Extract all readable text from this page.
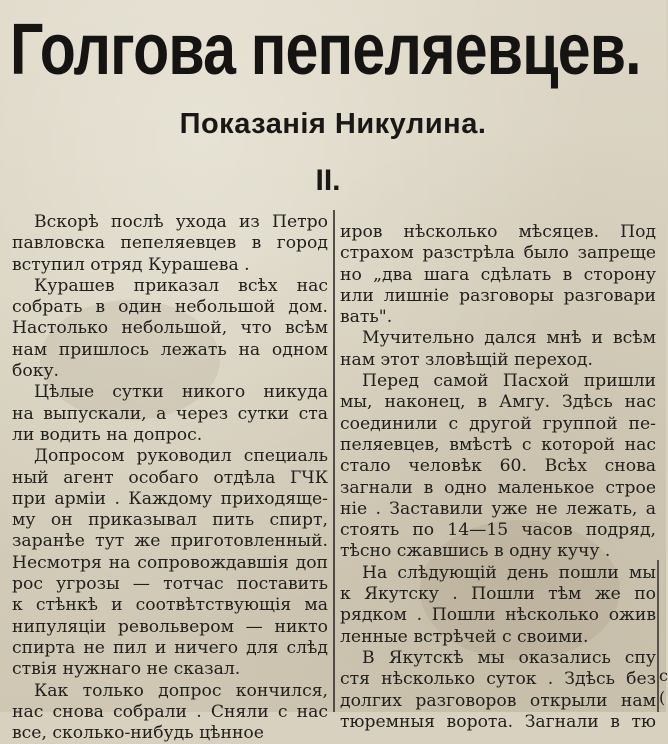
Голгова пепеляевцев.
Показанія Никулина.
II.
Вскорѣ послѣ ухода из Петро
павловска пепеляевцев в город
вступил отряд Курашева .
Курашев приказал всѣх нас
собрать в один небольшой дом.
Настолько небольшой, что всѣм
нам пришлось лежать на одном
боку.
Цѣлые сутки никого никуда
на выпускали, а через сутки ста
ли водить на допрос.
Допросом руководил специаль
ный агент особаго отдѣла ГЧК
при арміи . Каждому приходяще-
му он приказывал пить спирт,
заранѣе тут же приготовленный.
Несмотря на сопровождавшія доп
рос угрозы — тотчас поставить
к стѣнкѣ и соотвѣтствующія ма
нипуляціи револьвером — никто
спирта не пил и ничего для слѣд
ствія нужнаго не сказал.
Как только допрос кончился,
нас снова собрали . Сняли с нас
все, сколько-нибудь цѣнное
иров нѣсколько мѣсяцев. Под
страхом разстрѣла было запреще
но „два шага сдѣлать в сторону
или лишніе разговоры разговари
вать".
Мучительно дался мнѣ и всѣм
нам этот зловѣщій переход.
Перед самой Пасхой пришли
мы, наконец, в Амгу. Здѣсь нас
соединили с другой группой пе-
пеляевцев, вмѣстѣ с которой нас
стало человѣк 60. Всѣх снова
загнали в одно маленькое строе
ніе . Заставили уже не лежать, а
стоять по 14—15 часов подряд,
тѣсно сжавшись в одну кучу .
На слѣдующій день пошли мы
к Якутску . Пошли тѣм же по
рядком . Пошли нѣсколько ожив
ленные встрѣчей с своими.
В Якутскѣ мы оказались спу
стя нѣсколько суток . Здѣсь без
долгих разговоров открыли нам
тюремныя ворота. Загнали в тю
с
(
